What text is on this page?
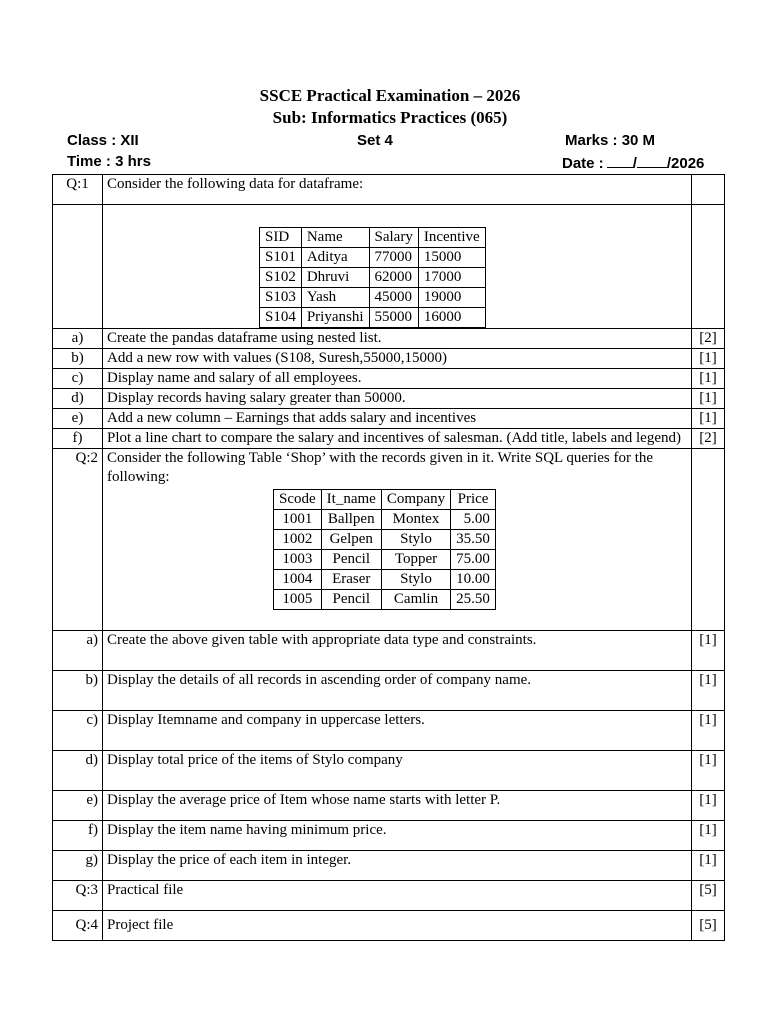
SSCE Practical Examination – 2026
Sub: Informatics Practices (065)
Class : XII	Set 4	Marks : 30 M
Time : 3 hrs	Date : / /2026
Q:1	Consider the following data for dataframe:	

SID	Name	Salary	Incentive
S101	Aditya	77000	15000
S102	Dhruvi	62000	17000
S103	Yash	45000	19000
S104	Priyanshi	55000	16000

a)	Create the pandas dataframe using nested list.	[2]
b)	Add a new row with values (S108, Suresh,55000,15000)	[1]
c)	Display name and salary of all employees.	[1]
d)	Display records having salary greater than 50000.	[1]
e)	Add a new column – Earnings that adds salary and incentives	[1]
f)	Plot a line chart to compare the salary and incentives of salesman. (Add title, labels and legend)	[2]
Q:2	Consider the following Table ‘Shop’ with the records given in it. Write SQL queries for the following:
Scode	It_name	Company	Price
1001	Ballpen	Montex	5.00
1002	Gelpen	Stylo	35.50
1003	Pencil	Topper	75.00
1004	Eraser	Stylo	10.00
1005	Pencil	Camlin	25.50

a)	Create the above given table with appropriate data type and constraints.	[1]
b)	Display the details of all records in ascending order of company name.	[1]
c)	Display Itemname and company in uppercase letters.	[1]
d)	Display total price of the items of Stylo company	[1]
e)	Display the average price of Item whose name starts with letter P.	[1]
f)	Display the item name having minimum price.	[1]
g)	Display the price of each item in integer.	[1]
Q:3	Practical file	[5]
Q:4	Project file	[5]
